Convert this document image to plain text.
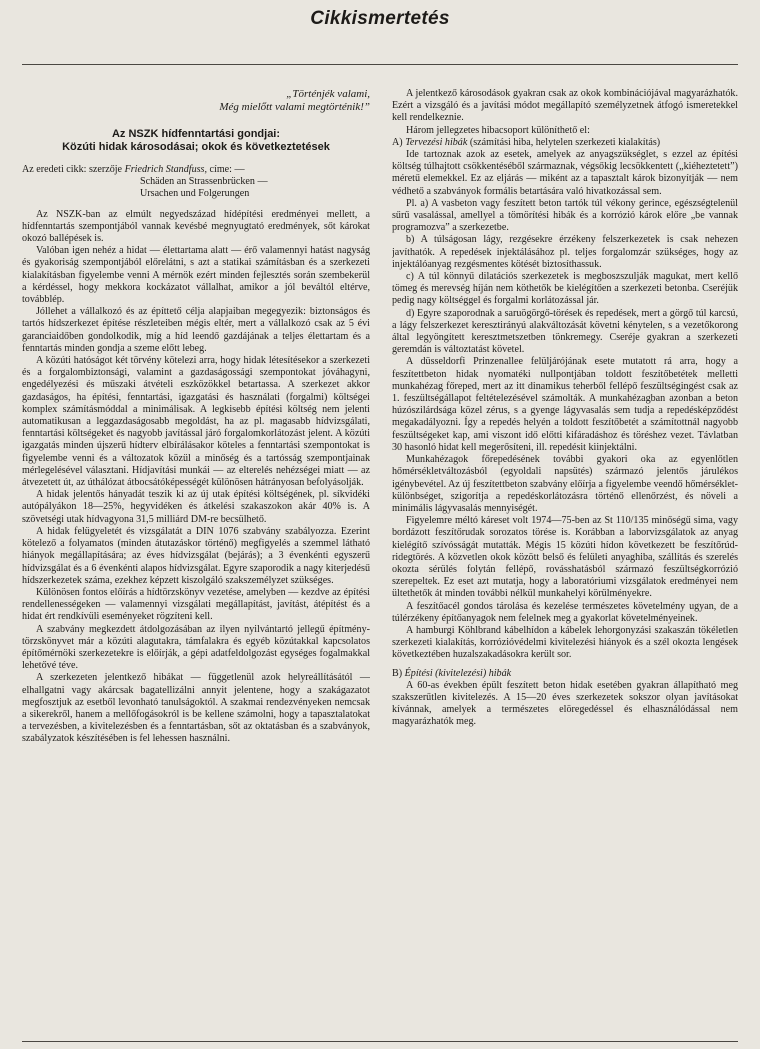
Cikkismertetés
„Történjék valami,
Még mielőtt valami megtörténik!”
Az NSZK hídfenntartási gondjai:
Közúti hidak károsodásai; okok és következtetések
Az eredeti cikk: szerzője Friedrich Standfuss, címe: —
Schäden an Strassenbrücken —
Ursachen und Folgerungen

Az NSZK-ban az elmúlt negyedszázad hídépítési eredményei mellett, a hídfenntartás szempontjából vannak kevésbé megnyugtató eredmények, sőt károkat okozó ballépések is.

Valóban igen nehéz a hidat — élettartama alatt — érő valamennyi hatást nagyság és gyakoriság szempontjából előrelátni, s azt a statikai számításban és a szerkezeti kialakításban figyelembe venni A mérnök ezért minden fejlesztés során szembekerül a kérdéssel, hogy mekkora kockázatot vállalhat, amikor a jól beváltól eltérve, továbblép.

Jóllehet a vállalkozó és az építtető célja alapjaiban megegyezik: biztonságos és tartós hídszerkezet építése részleteiben mégis eltér, mert a vállalkozó csak az 5 évi garanciaidőben gondolkodik, míg a híd leendő gazdájának a teljes élettartam és a fenntartás minden gondja a szeme előtt lebeg.

A közúti hatóságot két törvény kötelezi arra, hogy hidak létesítésekor a szerkezeti és a forgalombiztonsági, valamint a gazdaságossági szempontokat jóváhagyni, engedélyezési és műszaki átvételi eszközökkel betartassa. A szerkezet akkor gazdaságos, ha építési, fenntartási, igazgatási és használati (forgalmi) költségei komplex számításmóddal a minimálisak. A legkisebb építési költség nem jelenti automatikusan a leggazdaságosabb megoldást, ha az pl. magasabb hídvizsgálati, fenntartási költségeket és nagyobb javítással járó forgalomkorlátozást jelent. A közúti igazgatás minden újszerű hídterv elbírálásakor köteles a fenntartási szempontokat is figyelembe venni és a változatok közül a minőség és a tartósság szempontjainak mérlegelésével választani. Hídjavítási munkái — az elterelés nehézségei miatt — az átvezetett út, az úthálózat átbocsátóképességét különösen hátrányosan befolyásolják.

A hidak jelentős hányadát teszik ki az új utak építési költségének, pl. síkvidéki autópályákon 18—25%, hegyvidéken és átkelési szakaszokon akár 40% is. A szövetségi utak hídvagyona 31,5 milliárd DM-re becsülhető.

A hidak felügyeletét és vizsgálatát a DIN 1076 szabvány szabályozza. Ezerint kötelező a folyamatos (minden átutazáskor történő) megfigyelés a szemmel látható hiányok megállapítására; az éves hídvizsgálat (bejárás); a 3 évenkénti egyszerű hídvizsgálat és a 6 évenkénti alapos hídvizsgálat. Egyre szaporodik a nagy kiterjedésű hídszerkezetek száma, ezekhez képzett kiszolgáló szakszemélyzet szükséges.

Különösen fontos előírás a hídtörzskönyv vezetése, amelyben — kezdve az építési rendellenességeken — valamennyi vizsgálati megállapítást, javítást, átépítést és a hidat ért rendkívüli eseményeket rögzíteni kell.

A szabvány megkezdett átdolgozásában az ilyen nyilvántartó jellegű építmény-törzskönyvet már a közúti alagutakra, támfalakra és egyéb közútakkal kapcsolatos építőmérnöki szerkezetekre is előírják, a gépi adatfeldolgozást egységes fogalmakkal lehetővé téve.

A szerkezeten jelentkező hibákat — függetlenül azok helyreállításától — elhallgatni vagy akárcsak bagatellizálni annyit jelentene, hogy a szakágazatot megfosztjuk az esetből levonható tanulságoktól. A szakmai rendezvényeken nemcsak a sikerekről, hanem a mellőfogásokról is be kellene számolni, hogy a tapasztalatokat a tervezésben, a kivitelezésben és a fenntartásban, sőt az oktatásban és a szabványok, szabályzatok készítésében is fel lehessen használni.

A jelentkező károsodások gyakran csak az okok kombinációjával magyarázhatók. Ezért a vizsgáló és a javítási módot megállapító személyzetnek átfogó ismeretekkel kell rendelkeznie.

Három jellegzetes hibacsoport különíthető el:

A) Tervezési hibák (számítási hiba, helytelen szerkezeti kialakítás)

Ide tartoznak azok az esetek, amelyek az anyagszükséglet, s ezzel az építési költség túlhajtott csökkentéséből származnak, végsőkig lecsökkentett („kiéheztetett”) méretű elemekkel. Ez az eljárás — miként az a tapasztalt károk bizonyítják — nem védhető a szabványok formális betartására való hivatkozással sem.

Pl. a) A vasbeton vagy feszített beton tartók túl vékony gerince, egészségtelenül sűrű vasalással, amellyel a tömörítési hibák és a korrózió károk előre „be vannak programozva” a szerkezetbe.

b) A túlságosan lágy, rezgésekre érzékeny felszerkezetek is csak nehezen javíthatók. A repedések injektálásához pl. teljes forgalomzár szükséges, hogy az injektálóanyag rezgésmentes kötését biztosíthassuk.

c) A túl könnyű dilatációs szerkezetek is megboszszulják magukat, mert kellő tömeg és merevség híján nem köthetők be kielégítően a szerkezeti betonba. Cseréjük pedig nagy költséggel és forgalmi korlátozással jár.

d) Egyre szaporodnak a saruögörgő-törések és repedések, mert a görgő túl karcsú, a lágy felszerkezet keresztirányú alakváltozását követni kénytelen, s a vezetőkorong által legyöngített keresztmetszetben tönkremegy. Cseréje gyakran a szerkezeti geremdán is változtatást követel.

A düsseldorfi Prinzenallee felüljárójának esete mutatott rá arra, hogy a feszítettbeton hidak nyomatéki nullpontjában toldott feszítőbetétek melletti munkahézag főreped, mert az itt dinamikus teherből fellépő feszültségingést csak az 1. feszültségállapot feltételezésével számolták. A munkahézagban azonban a beton húzószilárdsága közel zérus, s a gyenge lágyvasalás sem tudja a repedésképződést megakadályozni. Így a repedés helyén a toldott feszítőbetét a számítottnál nagyobb feszültségeket kap, ami viszont idő előtti kifáradáshoz és töréshez vezet. Távlatban 30 hasonló hidat kell megerősíteni, ill. repedésit kiinjektálni.

Munkahézagok főrepedésének további gyakori oka az egyenlőtlen hőmérsékletváltozásból (egyoldali napsütés) származó jelentős járulékos igénybevétel. Az új feszítettbeton szabvány előírja a figyelembe veendő hőmérséklet-különbséget, szigorítja a repedéskorlátozásra történő ellenőrzést, és növeli a minimális lágyvasalás mennyiségét.

Figyelemre méltó káreset volt 1974—75-ben az St 110/135 minőségű sima, vagy bordázott feszítőrudak sorozatos törése is. Korábban a laborvizsgálatok az anyag kielégítő szívósságát mutatták. Mégis 15 közúti hídon következett be feszítőrúd-ridegtörés. A közvetlen okok között belső és felületi anyaghiba, szállítás és szerelés okozta sérülés folytán fellépő, rovásshatásból származó feszültségkorrózió szerepeltek. Ez eset azt mutatja, hogy a laboratóriumi vizsgálatok eredményei nem ültethetők át minden további nélkül munkahelyi körülményekre.

A feszítőacél gondos tárolása és kezelése természetes követelmény ugyan, de a túlérzékeny építőanyagok nem felelnek meg a gyakorlat követelményeinek.

A hamburgi Köhlbrand kábelhídon a kábelek lehorgonyzási szakaszán tökéletlen szerkezeti kialakítás, korrózióvédelmi kivitelezési hiányok és a szél okozta lengések következtében huzalszakadásokra került sor.

B) Építési (kivitelezési) hibák

A 60-as években épült feszített beton hidak esetében gyakran állapítható meg szakszerűtlen kivitelezés. A 15—20 éves szerkezetek sokszor olyan javításokat kívánnak, amelyek a természetes elöregedéssel és elhasználódással nem magyarázhatók meg.
